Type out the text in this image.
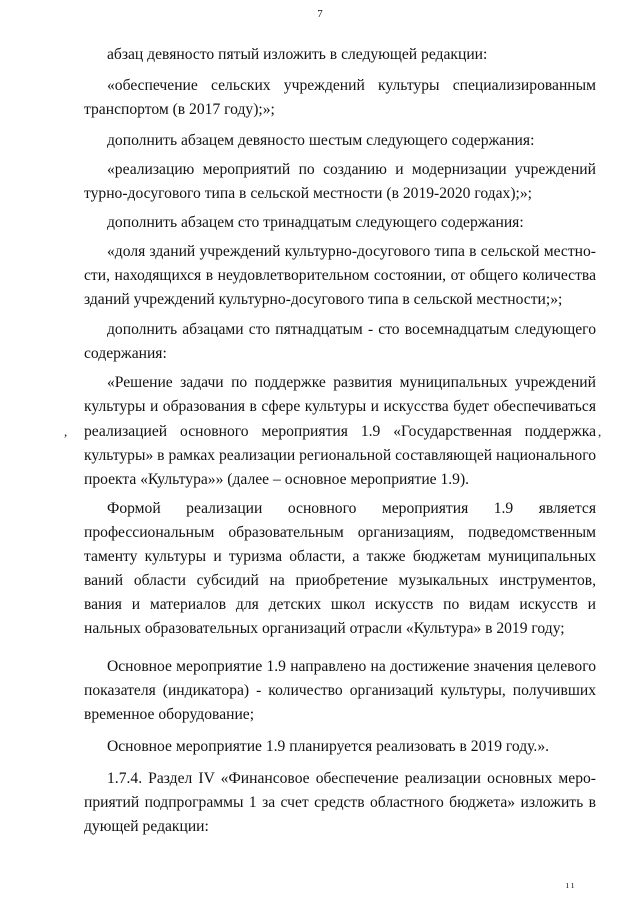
7
абзац девяносто пятый изложить в следующей редакции:
«обеспечение сельских учреждений культуры специализированным
транспортом (в 2017 году);»;
дополнить абзацем девяносто шестым следующего содержания:
«реализацию мероприятий по созданию и модернизации учреждений
турно-досугового типа в сельской местности (в 2019-2020 годах);»;
дополнить абзацем сто тринадцатым следующего содержания:
«доля зданий учреждений культурно-досугового типа в сельской местно-
сти, находящихся в неудовлетворительном состоянии, от общего количества
зданий учреждений культурно-досугового типа в сельской местности;»;
дополнить абзацами сто пятнадцатым - сто восемнадцатым следующего
содержания:
«Решение задачи по поддержке развития муниципальных учреждений
культуры и образования в сфере культуры и искусства будет обеспечиваться
реализацией основного мероприятия 1.9 «Государственная поддержка
культуры» в рамках реализации региональной составляющей национального
проекта «Культура»» (далее – основное мероприятие 1.9).
Формой реализации основного мероприятия 1.9 является
профессиональным образовательным организациям, подведомственным
таменту культуры и туризма области, а также бюджетам муниципальных
ваний области субсидий на приобретение музыкальных инструментов,
вания и материалов для детских школ искусств по видам искусств и
нальных образовательных организаций отрасли «Культура» в 2019 году;
Основное мероприятие 1.9 направлено на достижение значения целевого
показателя (индикатора) - количество организаций культуры, получивших
временное оборудование;
Основное мероприятие 1.9 планируется реализовать в 2019 году.».
1.7.4. Раздел IV «Финансовое обеспечение реализации основных меро-
приятий подпрограммы 1 за счет средств областного бюджета» изложить в
дующей редакции:
,	,
ı ı
